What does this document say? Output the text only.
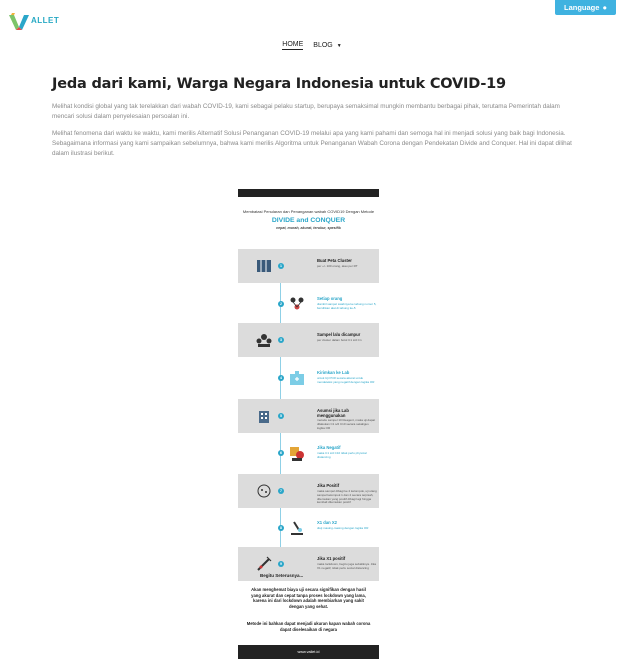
ALLET
Language ●
HOME BLOG ▼
Jeda dari kami, Warga Negara Indonesia untuk COVID-19

Melihat kondisi global yang tak terelakkan dari wabah COVID-19, kami sebagai pelaku startup, berupaya semaksimal mungkin membantu berbagai pihak, terutama Pemerintah dalam mencari solusi dalam penyelesaian persoalan ini.

Melihat fenomena dari waktu ke waktu, kami merilis Alternatif Solusi Penanganan COVID-19 melalui apa yang kami pahami dan semoga hal ini menjadi solusi yang baik bagi Indonesia. Sebagaimana informasi yang kami sampaikan sebelumnya, bahwa kami merilis Algoritma untuk Penanganan Wabah Corona dengan Pendekatan Divide and Conquer. Hal ini dapat dilihat dalam ilustrasi berikut.

Membatasi Penularan dan Penanganan wabah COVID19 Dengan Metode
DIVIDE and CONQUER
cepat, murah, akurat, terukur, spesifik
1
Buat Peta Cluster
per +/- 100 orang, atau per RT
2
Setiap orang
diambil sampel swabnya ke tabung nomor 5, bersihkan alat di tabung ke-5
3
Sampel lalu dicampur
per cluster dalam botol C1 s/d Cn
4
Kirimkan ke Lab
untuk Uji PCR secara akurat untuk mendeteksi yang negatif dengan logika OR
5
Asumsi jika Lab menggunakan
metode sampel 10 Reagent, maka uji dapat dilakukan C1 s/d C10 secara sekaligus logika OR
6
Jika Negatif
maka C1 s/d C10 tidak perlu physical distancing
7
Jika Positif
maka sampel dibagi ke 2 kelompok, uji ulang sampel kelompok 1 dan 2 secara terpisah, ditemukan yang positif dibagi lagi hingga kembali ditemukan positif
8
X1 dan X2
diuji masing-masing dengan logika OR
9
Jika X1 positif
maka lockdown, begitu juga sebaliknya. Jika X1 negatif, tidak perlu social distancing
Begitu Seterusnya...
Akan menghemat biaya uji secara signifikan dengan hasil yang akurat dan cepat tanpa proses lockdown yang lama, karena ini dari lockdown adalah membiarkan yang sakit dengan yang sehat.
Metode ini bahkan dapat menjadi ukuran kapan wabah corona dapat diselesaikan di negara
www.vallet.id
